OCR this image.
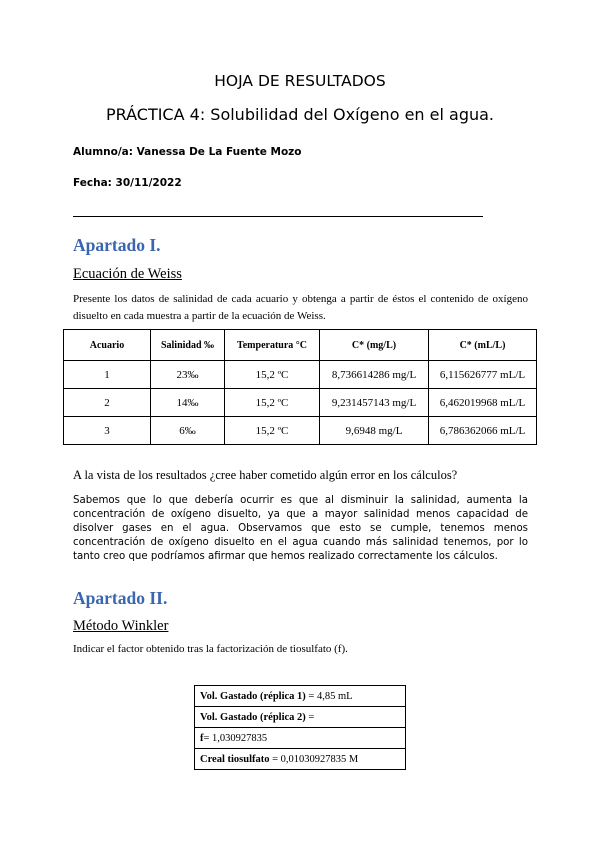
HOJA DE RESULTADOS
PRÁCTICA 4: Solubilidad del Oxígeno en el agua.
Alumno/a: Vanessa De La Fuente Mozo
Fecha: 30/11/2022
Apartado I.
Ecuación de Weiss
Presente los datos de salinidad de cada acuario y obtenga a partir de éstos el contenido de oxígeno disuelto en cada muestra a partir de la ecuación de Weiss.
Acuario	Salinidad ‰	Temperatura °C	C* (mg/L)	C* (mL/L)
1	23‰	15,2 ºC	8,736614286 mg/L	6,115626777 mL/L
2	14‰	15,2 ºC	9,231457143 mg/L	6,462019968 mL/L
3	6‰	15,2 ºC	9,6948 mg/L	6,786362066 mL/L
A la vista de los resultados ¿cree haber cometido algún error en los cálculos?
Sabemos que lo que debería ocurrir es que al disminuir la salinidad, aumenta la concentración de oxígeno disuelto, ya que a mayor salinidad menos capacidad de disolver gases en el agua. Observamos que esto se cumple, tenemos menos concentración de oxígeno disuelto en el agua cuando más salinidad tenemos, por lo tanto creo que podríamos afirmar que hemos realizado correctamente los cálculos.
Apartado II.
Método Winkler
Indicar el factor obtenido tras la factorización de tiosulfato (f).
Vol. Gastado (réplica 1) = 4,85 mL
Vol. Gastado (réplica 2) =
f= 1,030927835
Creal tiosulfato = 0,01030927835 M
